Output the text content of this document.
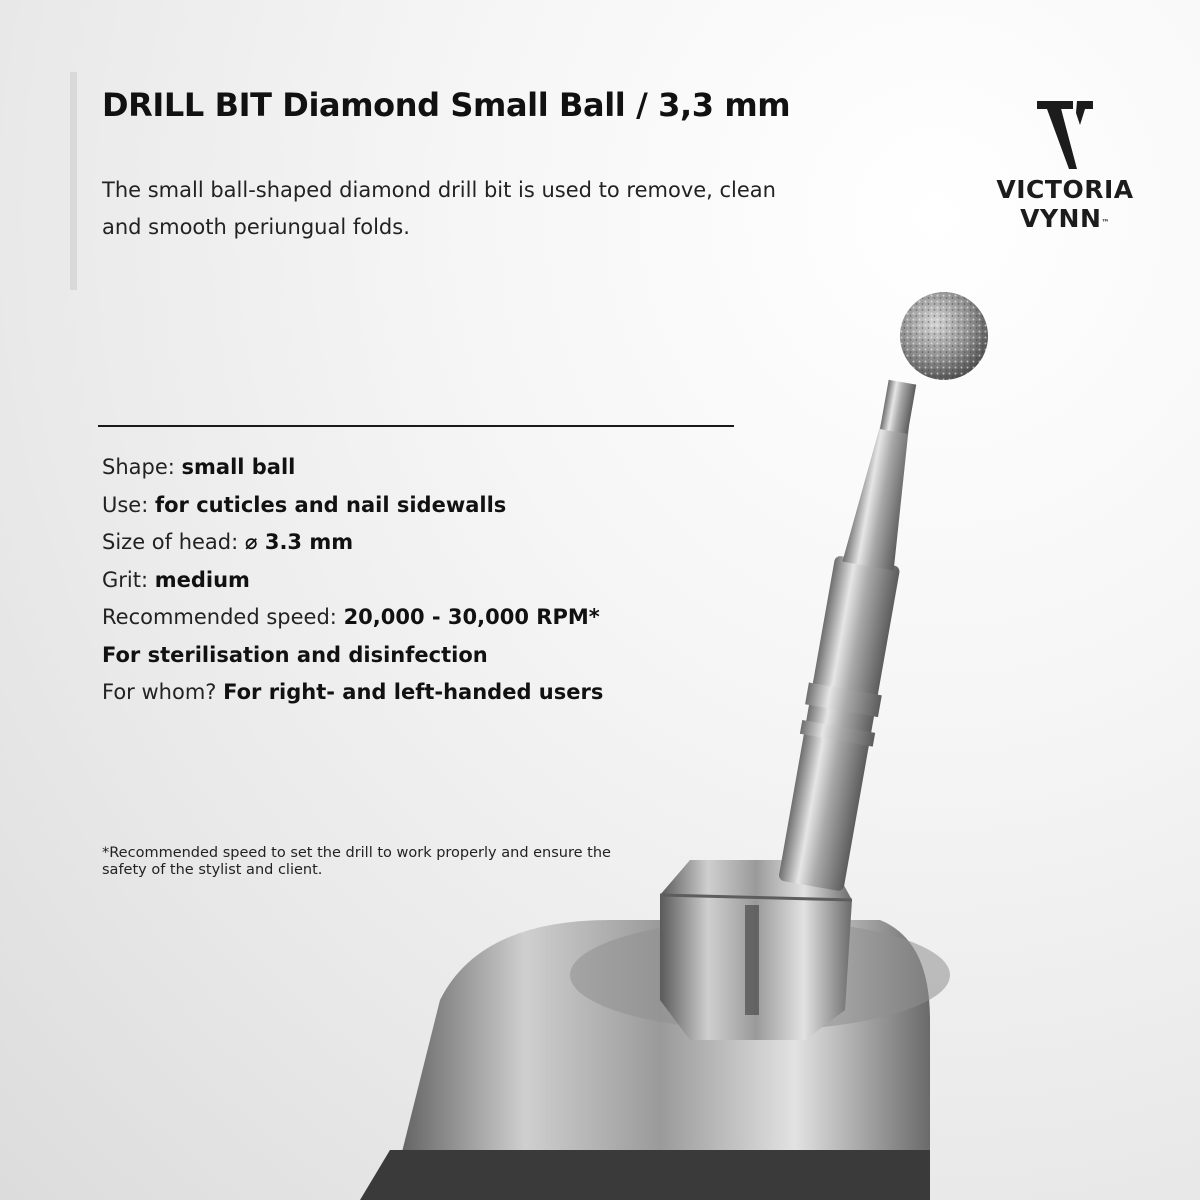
DRILL BIT Diamond Small Ball / 3,3 mm

The small ball-shaped diamond drill bit is used to remove, clean and smooth periungual folds.

VICTORIA
VYNN™
Shape: small ball
Use: for cuticles and nail sidewalls
Size of head: ⌀ 3.3 mm
Grit: medium
Recommended speed: 20,000 - 30,000 RPM*
For sterilisation and disinfection
For whom? For right- and left-handed users

*Recommended speed to set the drill to work properly and ensure the safety of the stylist and client.
